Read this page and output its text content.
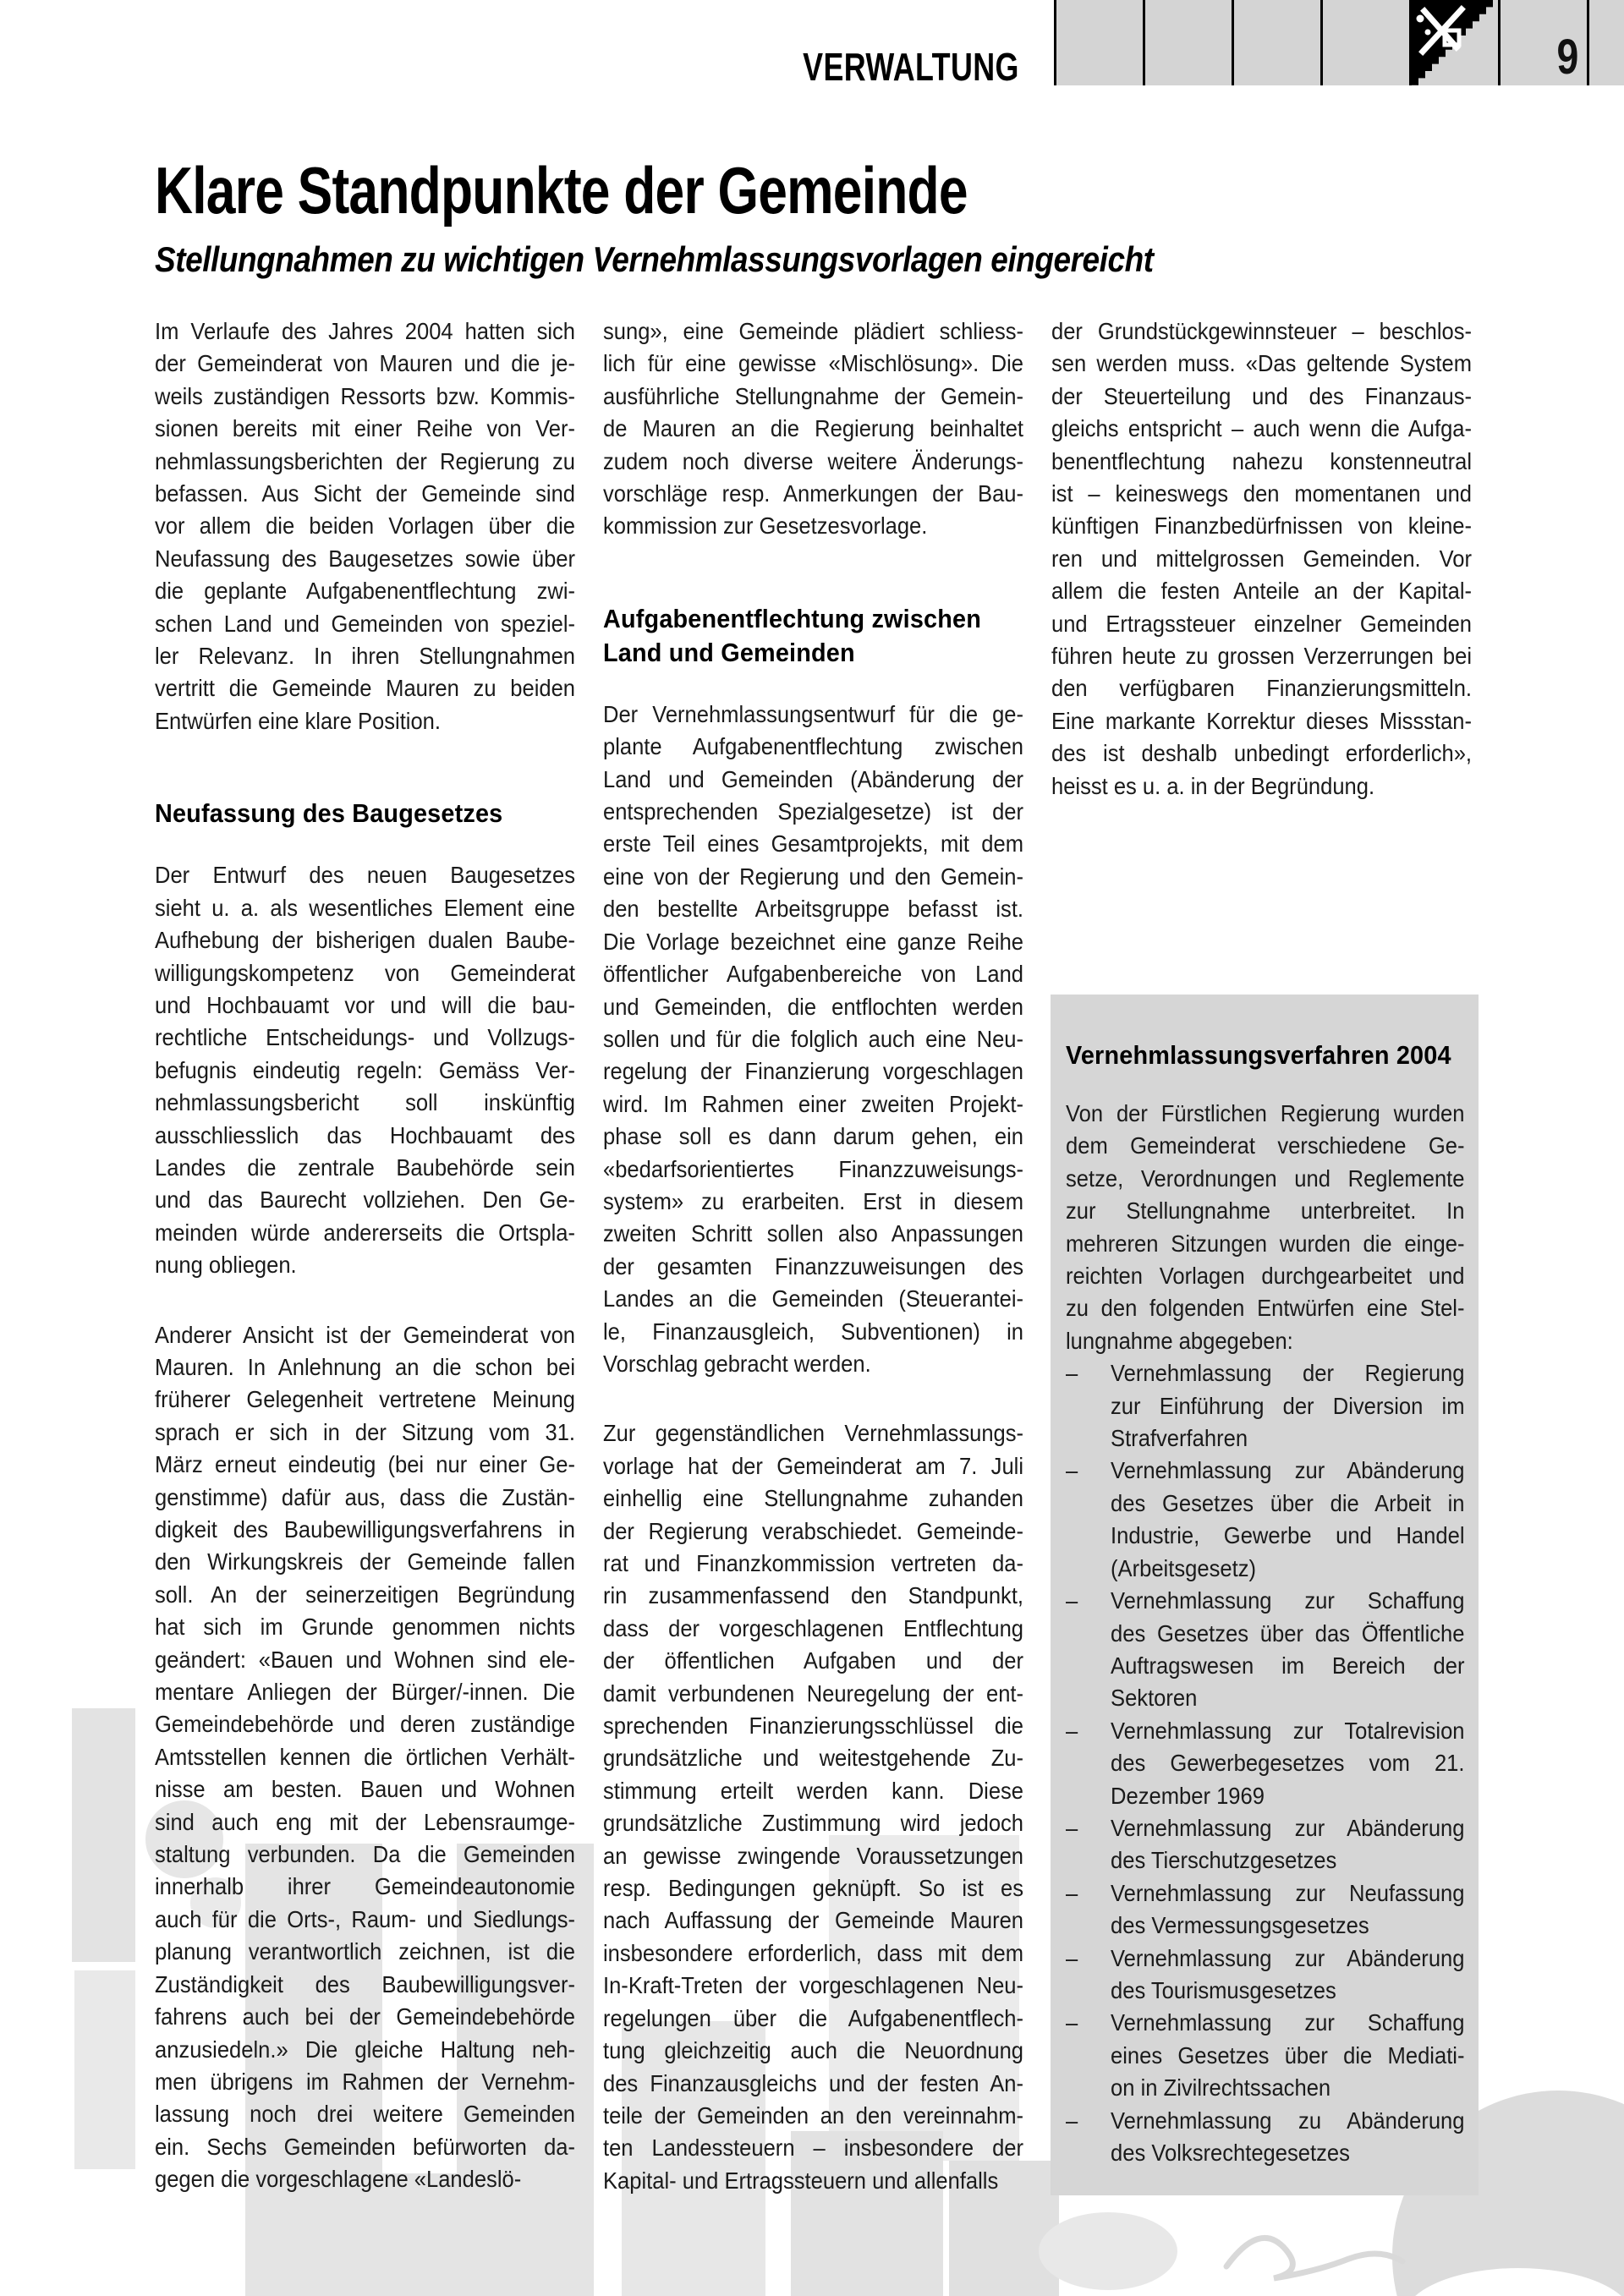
VERWALTUNG	9
Klare Standpunkte der Gemeinde
Stellungnahmen zu wichtigen Vernehmlassungsvorlagen eingereicht
Im Verlaufe des Jahres 2004 hatten sich
der Gemeinderat von Mauren und die je-
weils zuständigen Ressorts bzw. Kommis-
sionen bereits mit einer Reihe von Ver-
nehmlassungsberichten der Regierung zu
befassen. Aus Sicht der Gemeinde sind
vor allem die beiden Vorlagen über die
Neufassung des Baugesetzes sowie über
die geplante Aufgabenentflechtung zwi-
schen Land und Gemeinden von speziel-
ler Relevanz. In ihren Stellungnahmen
vertritt die Gemeinde Mauren zu beiden
Entwürfen eine klare Position.
Neufassung des Baugesetzes
Der Entwurf des neuen Baugesetzes
sieht u. a. als wesentliches Element eine
Aufhebung der bisherigen dualen Baube-
willigungskompetenz von Gemeinderat
und Hochbauamt vor und will die bau-
rechtliche Entscheidungs- und Vollzugs-
befugnis eindeutig regeln: Gemäss Ver-
nehmlassungsbericht soll inskünftig
ausschliesslich das Hochbauamt des
Landes die zentrale Baubehörde sein
und das Baurecht vollziehen. Den Ge-
meinden würde andererseits die Ortspla-
nung obliegen.
Anderer Ansicht ist der Gemeinderat von
Mauren. In Anlehnung an die schon bei
früherer Gelegenheit vertretene Meinung
sprach er sich in der Sitzung vom 31.
März erneut eindeutig (bei nur einer Ge-
genstimme) dafür aus, dass die Zustän-
digkeit des Baubewilligungsverfahrens in
den Wirkungskreis der Gemeinde fallen
soll. An der seinerzeitigen Begründung
hat sich im Grunde genommen nichts
geändert: «Bauen und Wohnen sind ele-
mentare Anliegen der Bürger/-innen. Die
Gemeindebehörde und deren zuständige
Amtsstellen kennen die örtlichen Verhält-
nisse am besten. Bauen und Wohnen
sind auch eng mit der Lebensraumge-
staltung verbunden. Da die Gemeinden
innerhalb ihrer Gemeindeautonomie
auch für die Orts-, Raum- und Siedlungs-
planung verantwortlich zeichnen, ist die
Zuständigkeit des Baubewilligungsver-
fahrens auch bei der Gemeindebehörde
anzusiedeln.» Die gleiche Haltung neh-
men übrigens im Rahmen der Vernehm-
lassung noch drei weitere Gemeinden
ein. Sechs Gemeinden befürworten da-
gegen die vorgeschlagene «Landeslö-
sung», eine Gemeinde plädiert schliess-
lich für eine gewisse «Mischlösung». Die
ausführliche Stellungnahme der Gemein-
de Mauren an die Regierung beinhaltet
zudem noch diverse weitere Änderungs-
vorschläge resp. Anmerkungen der Bau-
kommission zur Gesetzesvorlage.
Aufgabenentflechtung zwischen
Land und Gemeinden
Der Vernehmlassungsentwurf für die ge-
plante Aufgabenentflechtung zwischen
Land und Gemeinden (Abänderung der
entsprechenden Spezialgesetze) ist der
erste Teil eines Gesamtprojekts, mit dem
eine von der Regierung und den Gemein-
den bestellte Arbeitsgruppe befasst ist.
Die Vorlage bezeichnet eine ganze Reihe
öffentlicher Aufgabenbereiche von Land
und Gemeinden, die entflochten werden
sollen und für die folglich auch eine Neu-
regelung der Finanzierung vorgeschlagen
wird. Im Rahmen einer zweiten Projekt-
phase soll es dann darum gehen, ein
«bedarfsorientiertes Finanzzuweisungs-
system» zu erarbeiten. Erst in diesem
zweiten Schritt sollen also Anpassungen
der gesamten Finanzzuweisungen des
Landes an die Gemeinden (Steuerantei-
le, Finanzausgleich, Subventionen) in
Vorschlag gebracht werden.
Zur gegenständlichen Vernehmlassungs-
vorlage hat der Gemeinderat am 7. Juli
einhellig eine Stellungnahme zuhanden
der Regierung verabschiedet. Gemeinde-
rat und Finanzkommission vertreten da-
rin zusammenfassend den Standpunkt,
dass der vorgeschlagenen Entflechtung
der öffentlichen Aufgaben und der
damit verbundenen Neuregelung der ent-
sprechenden Finanzierungsschlüssel die
grundsätzliche und weitestgehende Zu-
stimmung erteilt werden kann. Diese
grundsätzliche Zustimmung wird jedoch
an gewisse zwingende Voraussetzungen
resp. Bedingungen geknüpft. So ist es
nach Auffassung der Gemeinde Mauren
insbesondere erforderlich, dass mit dem
In-Kraft-Treten der vorgeschlagenen Neu-
regelungen über die Aufgabenentflech-
tung gleichzeitig auch die Neuordnung
des Finanzausgleichs und der festen An-
teile der Gemeinden an den vereinnahm-
ten Landessteuern – insbesondere der
Kapital- und Ertragssteuern und allenfalls
der Grundstückgewinnsteuer – beschlos-
sen werden muss. «Das geltende System
der Steuerteilung und des Finanzaus-
gleichs entspricht – auch wenn die Aufga-
benentflechtung nahezu konstenneutral
ist – keineswegs den momentanen und
künftigen Finanzbedürfnissen von kleine-
ren und mittelgrossen Gemeinden. Vor
allem die festen Anteile an der Kapital-
und Ertragssteuer einzelner Gemeinden
führen heute zu grossen Verzerrungen bei
den verfügbaren Finanzierungsmitteln.
Eine markante Korrektur dieses Missstan-
des ist deshalb unbedingt erforderlich»,
heisst es u. a. in der Begründung.
Vernehmlassungsverfahren 2004
Von der Fürstlichen Regierung wurden
dem Gemeinderat verschiedene Ge-
setze, Verordnungen und Reglemente
zur Stellungnahme unterbreitet. In
mehreren Sitzungen wurden die einge-
reichten Vorlagen durchgearbeitet und
zu den folgenden Entwürfen eine Stel-
lungnahme abgegeben:
–	Vernehmlassung der Regierung
zur Einführung der Diversion im
Strafverfahren
–	Vernehmlassung zur Abänderung
des Gesetzes über die Arbeit in
Industrie, Gewerbe und Handel
(Arbeitsgesetz)
–	Vernehmlassung zur Schaffung
des Gesetzes über das Öffentliche
Auftragswesen im Bereich der
Sektoren
–	Vernehmlassung zur Totalrevision
des Gewerbegesetzes vom 21.
Dezember 1969
–	Vernehmlassung zur Abänderung
des Tierschutzgesetzes
–	Vernehmlassung zur Neufassung
des Vermessungsgesetzes
–	Vernehmlassung zur Abänderung
des Tourismusgesetzes
–	Vernehmlassung zur Schaffung
eines Gesetzes über die Mediati-
on in Zivilrechtssachen
–	Vernehmlassung zu Abänderung
des Volksrechtegesetzes
